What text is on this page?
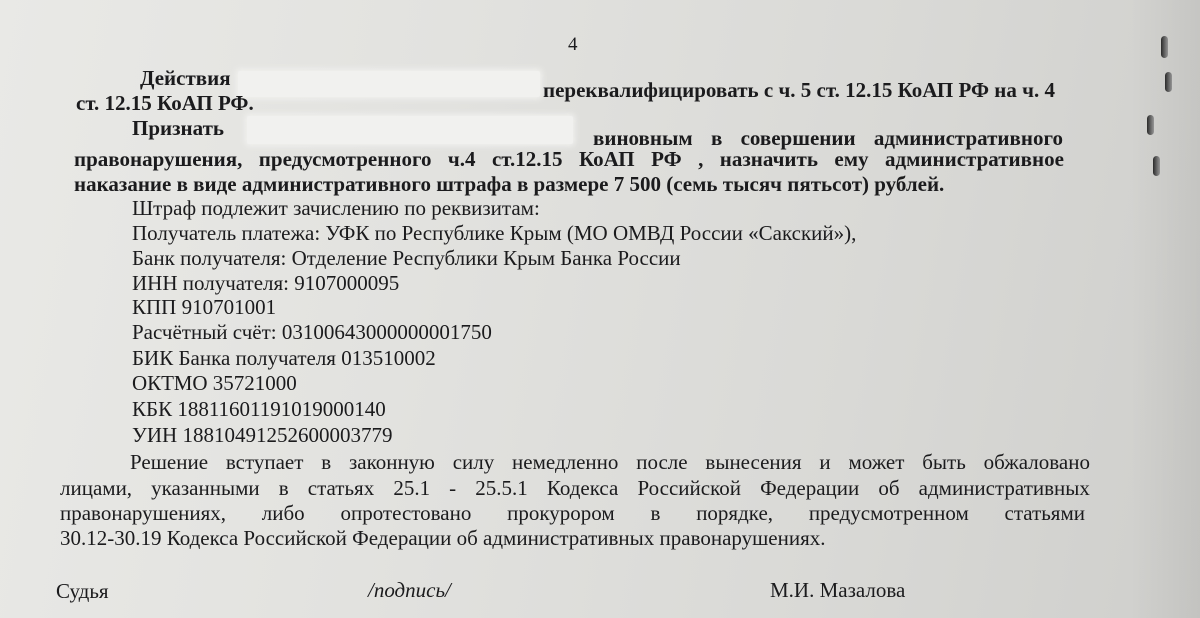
4
Действия	переквалифицировать с ч. 5 ст. 12.15 КоАП РФ на ч. 4
ст. 12.15 КоАП РФ.
Признать	виновным в совершении административного
правонарушения, предусмотренного ч.4 ст.12.15 КоАП РФ , назначить ему административное
наказание в виде административного штрафа в размере 7 500 (семь тысяч пятьсот) рублей.
Штраф подлежит зачислению по реквизитам:
Получатель платежа: УФК по Республике Крым (МО ОМВД России «Сакский»),
Банк получателя: Отделение Республики Крым Банка России
ИНН получателя: 9107000095
КПП 910701001
Расчётный счёт: 03100643000000001750
БИК Банка получателя 013510002
ОКТМО 35721000
КБК 18811601191019000140
УИН 18810491252600003779
Решение вступает в законную силу немедленно после вынесения и может быть обжаловано
лицами, указанными в статьях 25.1 - 25.5.1 Кодекса Российской Федерации об административных
правонарушениях, либо опротестовано прокурором в порядке, предусмотренном статьями
30.12-30.19 Кодекса Российской Федерации об административных правонарушениях.
Судья	/подпись/	М.И. Мазалова
